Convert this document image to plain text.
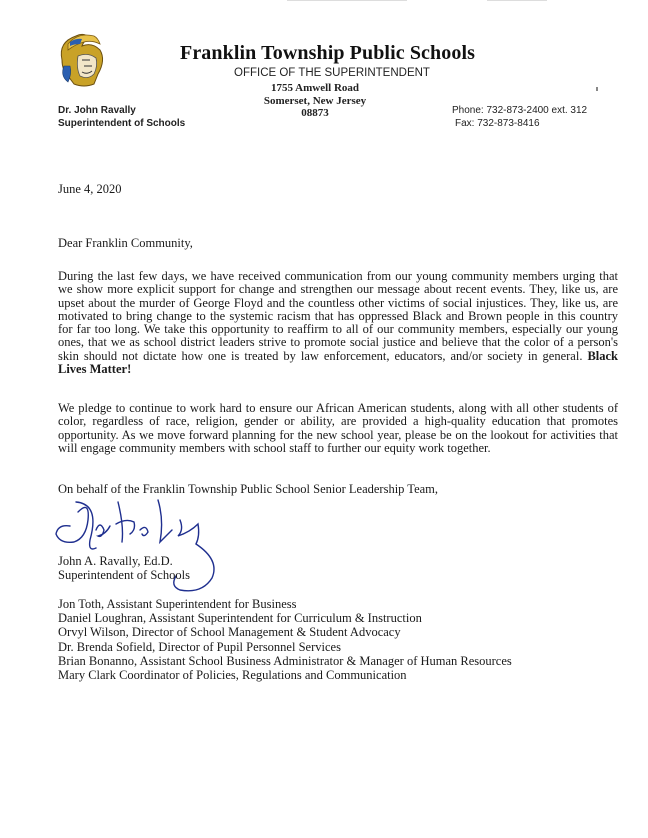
Franklin Township Public Schools
OFFICE OF THE SUPERINTENDENT
1755 Amwell Road
Somerset, New Jersey 08873
Dr. John Ravally
Superintendent of Schools
Phone: 732-873-2400 ext. 312
Fax: 732-873-8416
June 4, 2020
Dear Franklin Community,
During the last few days, we have received communication from our young community members urging that we show more explicit support for change and strengthen our message about recent events. They, like us, are upset about the murder of George Floyd and the countless other victims of social injustices. They, like us, are motivated to bring change to the systemic racism that has oppressed Black and Brown people in this country for far too long. We take this opportunity to reaffirm to all of our community members, especially our young ones, that we as school district leaders strive to promote social justice and believe that the color of a person's skin should not dictate how one is treated by law enforcement, educators, and/or society in general. Black Lives Matter!
We pledge to continue to work hard to ensure our African American students, along with all other students of color, regardless of race, religion, gender or ability, are provided a high-quality education that promotes opportunity. As we move forward planning for the new school year, please be on the lookout for activities that will engage community members with school staff to further our equity work together.
On behalf of the Franklin Township Public School Senior Leadership Team,
John A. Ravally, Ed.D.
Superintendent of Schools
Jon Toth, Assistant Superintendent for Business
Daniel Loughran, Assistant Superintendent for Curriculum & Instruction
Orvyl Wilson, Director of School Management & Student Advocacy
Dr. Brenda Sofield, Director of Pupil Personnel Services
Brian Bonanno, Assistant School Business Administrator & Manager of Human Resources
Mary Clark Coordinator of Policies, Regulations and Communication
